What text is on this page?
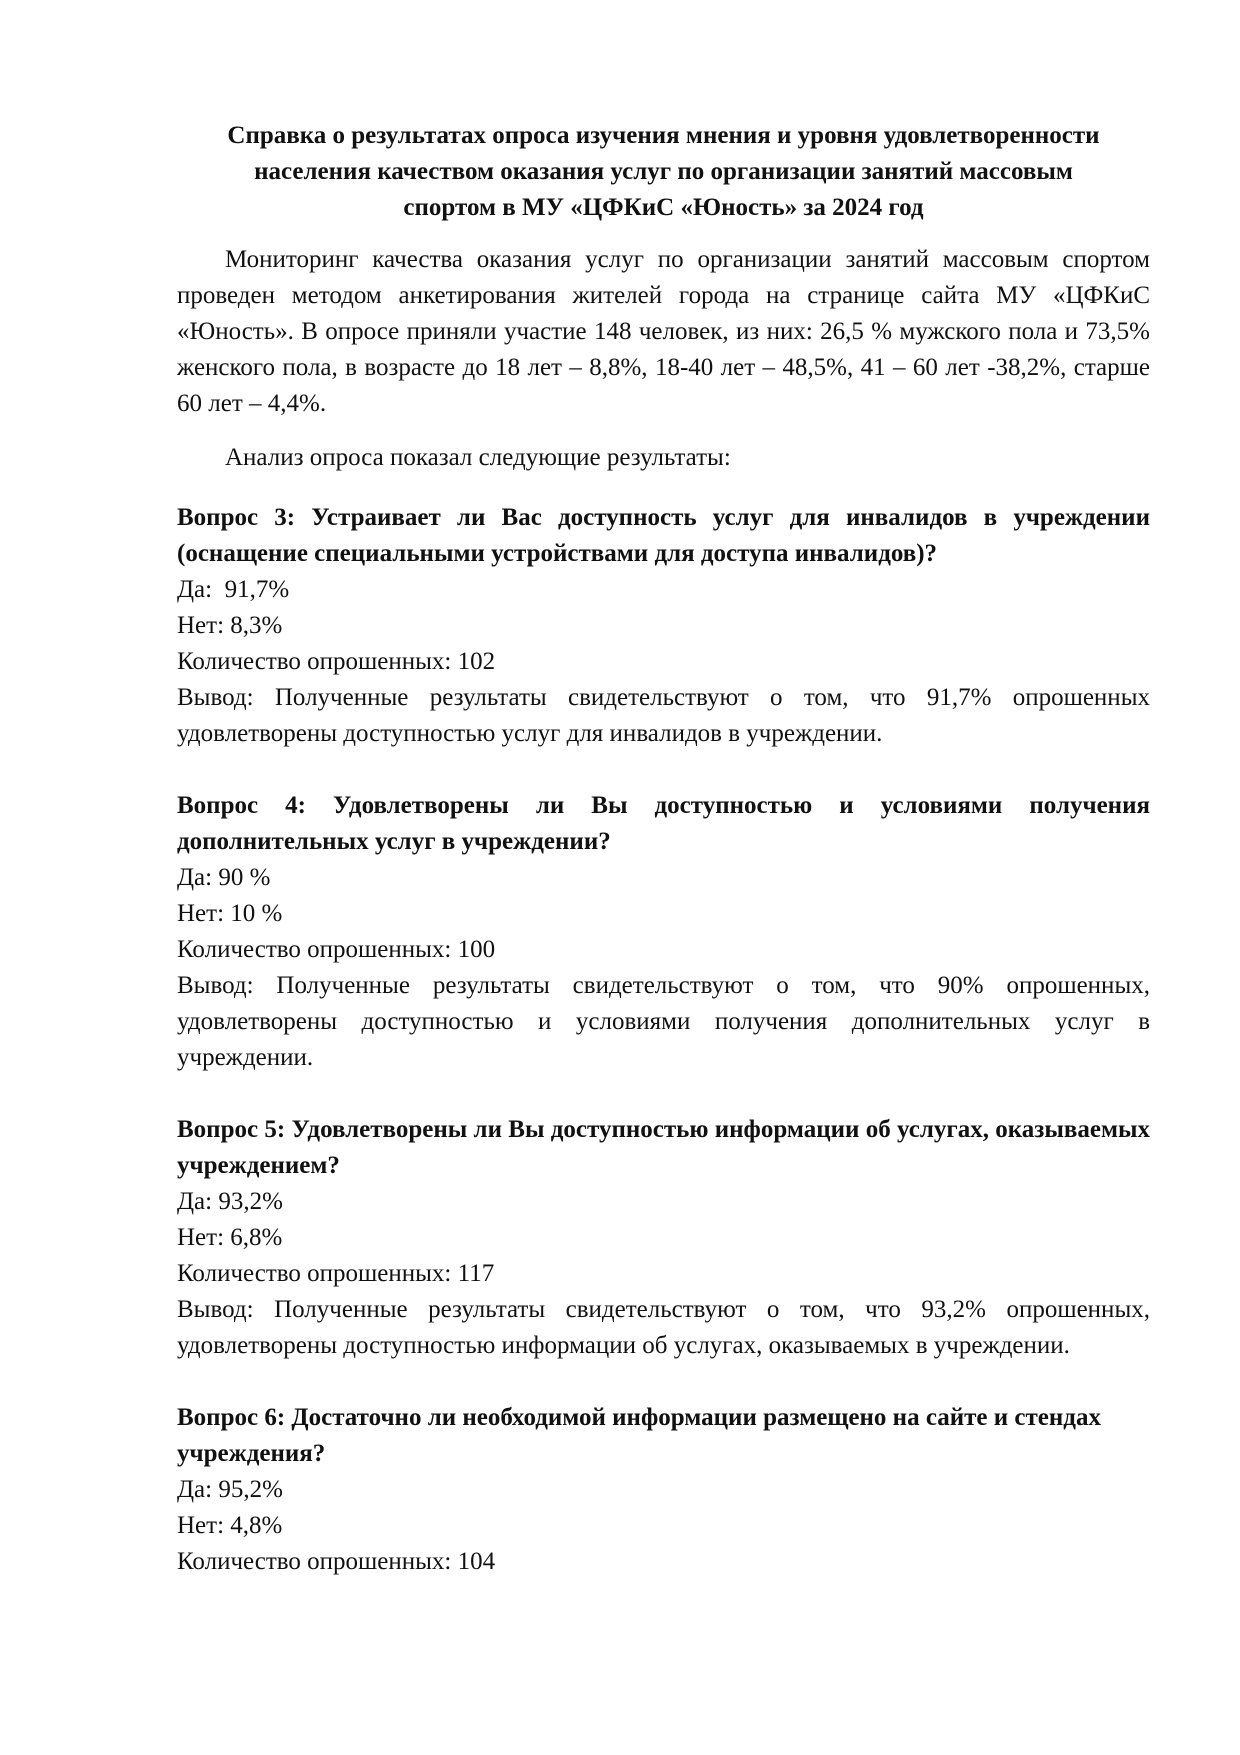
Справка о результатах опроса изучения мнения и уровня удовлетворенности
населения качеством оказания услуг по организации занятий массовым
спортом в МУ «ЦФКиС «Юность» за 2024 год

Мониторинг качества оказания услуг по организации занятий массовым спортом проведен методом анкетирования жителей города на странице сайта МУ «ЦФКиС «Юность». В опросе приняли участие 148 человек, из них: 26,5 % мужского пола и 73,5% женского пола, в возрасте до 18 лет – 8,8%, 18-40 лет – 48,5%, 41 – 60 лет -38,2%, старше 60 лет – 4,4%.

Анализ опроса показал следующие результаты:

Вопрос 3: Устраивает ли Вас доступность услуг для инвалидов в учреждении (оснащение специальными устройствами для доступа инвалидов)?

Да:  91,7%

Нет: 8,3%

Количество опрошенных: 102

Вывод: Полученные результаты свидетельствуют о том, что 91,7% опрошенных удовлетворены доступностью услуг для инвалидов в учреждении.

Вопрос 4: Удовлетворены ли Вы доступностью и условиями получения дополнительных услуг в учреждении?

Да: 90 %

Нет: 10 %

Количество опрошенных: 100

Вывод: Полученные результаты свидетельствуют о том, что 90% опрошенных, удовлетворены доступностью и условиями получения дополнительных услуг в учреждении.

Вопрос 5: Удовлетворены ли Вы доступностью информации об услугах, оказываемых учреждением?

Да: 93,2%

Нет: 6,8%

Количество опрошенных: 117

Вывод: Полученные результаты свидетельствуют о том, что 93,2% опрошенных, удовлетворены доступностью информации об услугах, оказываемых в учреждении.

Вопрос 6: Достаточно ли необходимой информации размещено на сайте и стендах учреждения?

Да: 95,2%

Нет: 4,8%

Количество опрошенных: 104
